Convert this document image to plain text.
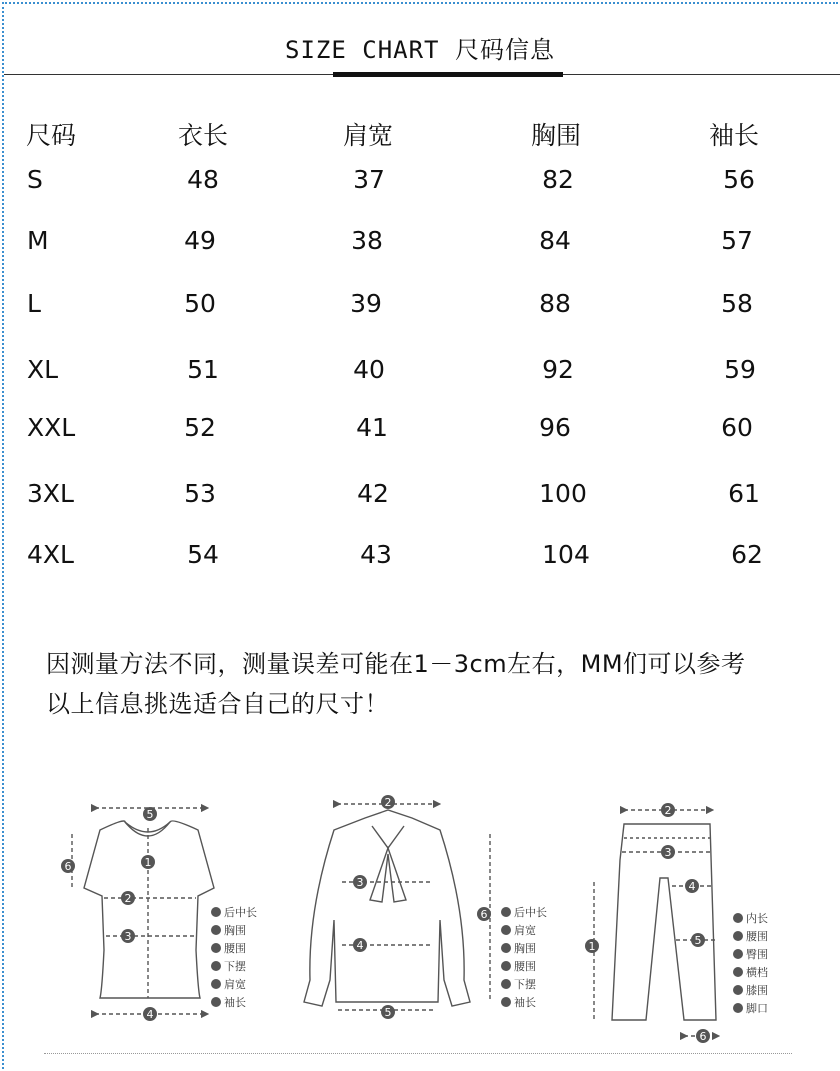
SIZE CHART 尺码信息
尺码	衣长	肩宽	胸围	袖长
S	48	37	82	56
M	49	38	84	57
L	50	39	88	58
XL	51	40	92	59
XXL	52	41	96	60
3XL	53	42	100	61
4XL	54	43	104	62
因测量方法不同，测量误差可能在1－3cm左右，MM们可以参考
以上信息挑选适合自己的尺寸！
5
1
2
3
6
4
2
3
4
5
6
2
3
4
5
1
6
后中长
胸围
腰围
下摆
肩宽
袖长
后中长
肩宽
胸围
腰围
下摆
袖长
内长
腰围
臀围
横档
膝围
脚口
